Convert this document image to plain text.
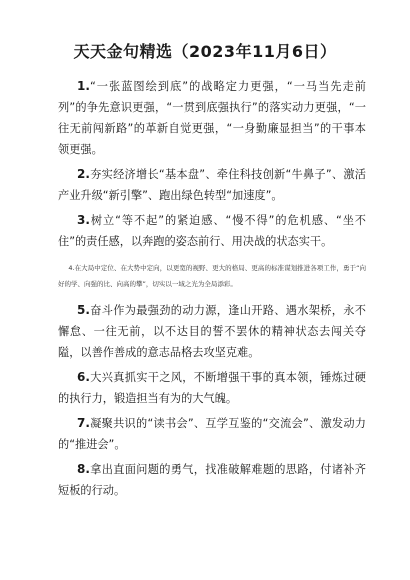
天天金句精选（2023年11月6日）

1.“一张蓝图绘到底”的战略定力更强，“一马当先走前列”的争先意识更强，“一贯到底强执行”的落实动力更强，“一往无前闯新路”的革新自觉更强，“一身勤廉显担当”的干事本领更强。

2.夯实经济增长“基本盘”、牵住科技创新“牛鼻子”、激活产业升级“新引擎”、跑出绿色转型“加速度”。

3.树立“等不起”的紧迫感、“慢不得”的危机感、“坐不住”的责任感，以奔跑的姿态前行、用决战的状态实干。

4.在大局中定位、在大势中定向，以更宽的视野、更大的格局、更高的标准谋划推进各项工作，勇于“向好的学、向强的比、向高的攀”，切实以一域之光为全局添彩。

5.奋斗作为最强劲的动力源，逢山开路、遇水架桥，永不懈怠、一往无前，以不达目的誓不罢休的精神状态去闯关夺隘，以善作善成的意志品格去攻坚克难。

6.大兴真抓实干之风，不断增强干事的真本领，锤炼过硬的执行力，锻造担当有为的大气魄。

7.凝聚共识的“读书会”、互学互鉴的“交流会”、激发动力的“推进会”。

8.拿出直面问题的勇气，找准破解难题的思路，付诸补齐短板的行动。
